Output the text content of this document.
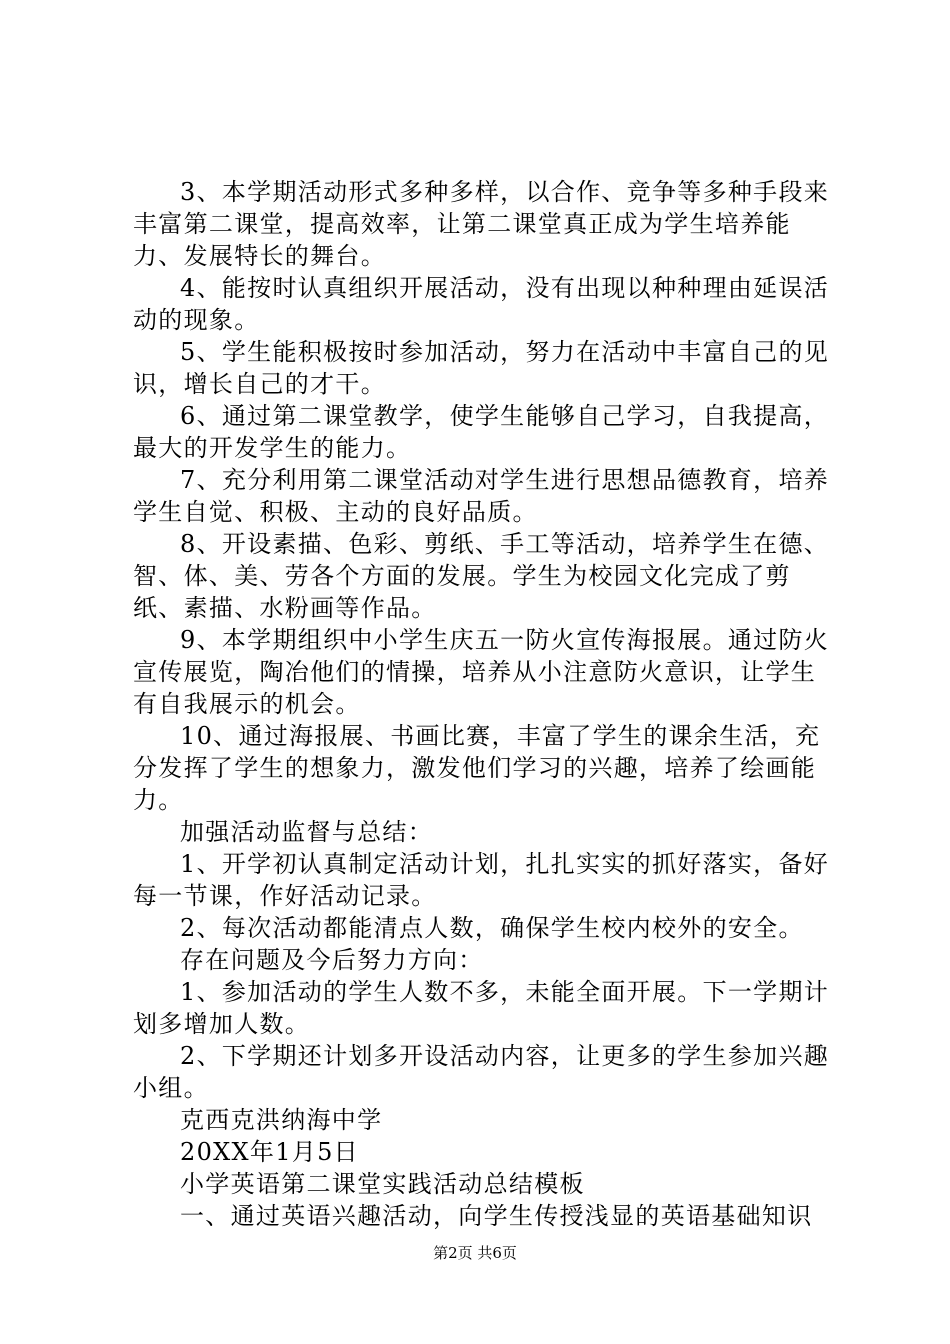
3、本学期活动形式多种多样，以合作、竞争等多种手段来丰富第二课堂，提高效率，让第二课堂真正成为学生培养能力、发展特长的舞台。

4、能按时认真组织开展活动，没有出现以种种理由延误活动的现象。

5、学生能积极按时参加活动，努力在活动中丰富自己的见识，增长自己的才干。

6、通过第二课堂教学，使学生能够自己学习，自我提高，最大的开发学生的能力。

7、充分利用第二课堂活动对学生进行思想品德教育，培养学生自觉、积极、主动的良好品质。

8、开设素描、色彩、剪纸、手工等活动，培养学生在德、智、体、美、劳各个方面的发展。学生为校园文化完成了剪纸、素描、水粉画等作品。

9、本学期组织中小学生庆五一防火宣传海报展。通过防火宣传展览，陶冶他们的情操，培养从小注意防火意识，让学生有自我展示的机会。

10、通过海报展、书画比赛，丰富了学生的课余生活，充分发挥了学生的想象力，激发他们学习的兴趣，培养了绘画能力。

加强活动监督与总结：

1、开学初认真制定活动计划，扎扎实实的抓好落实，备好每一节课，作好活动记录。

2、每次活动都能清点人数，确保学生校内校外的安全。

存在问题及今后努力方向：

1、参加活动的学生人数不多，未能全面开展。下一学期计划多增加人数。

2、下学期还计划多开设活动内容，让更多的学生参加兴趣小组。

克西克洪纳海中学

20XX年1月5日

小学英语第二课堂实践活动总结模板

一、通过英语兴趣活动，向学生传授浅显的英语基础知识

第2页 共6页
